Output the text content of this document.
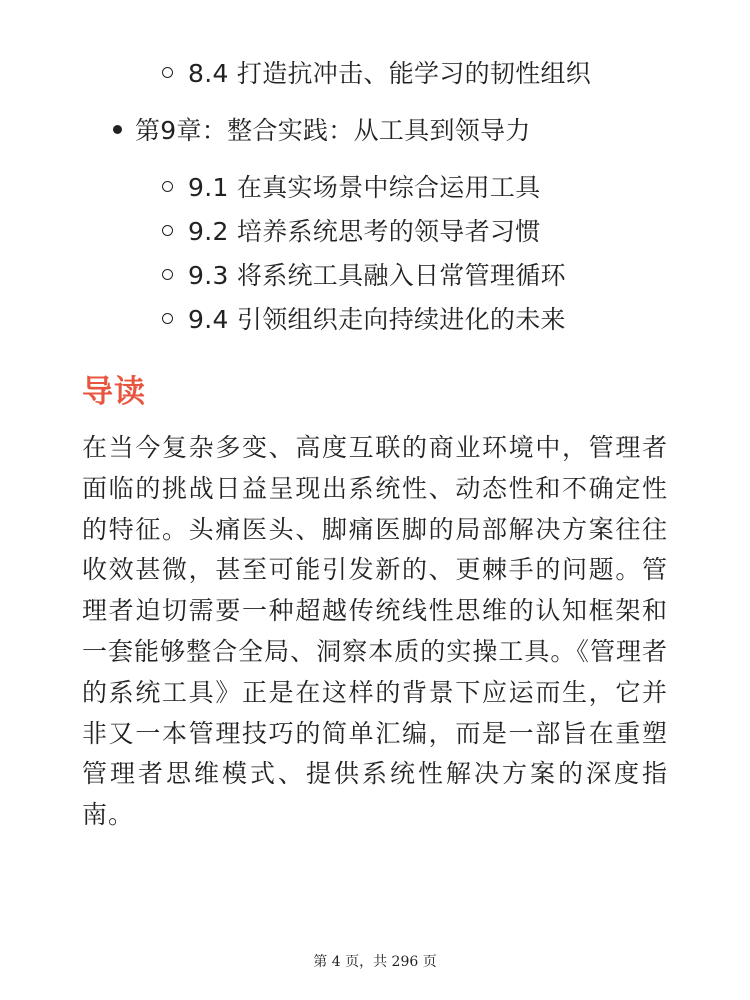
8.4 打造抗冲击、能学习的韧性组织
第9章：整合实践：从工具到领导力
9.1 在真实场景中综合运用工具
9.2 培养系统思考的领导者习惯
9.3 将系统工具融入日常管理循环
9.4 引领组织走向持续进化的未来
导读
在当今复杂多变、高度互联的商业环境中，管理者面临的挑战日益呈现出系统性、动态性和不确定性的特征。头痛医头、脚痛医脚的局部解决方案往往收效甚微，甚至可能引发新的、更棘手的问题。管理者迫切需要一种超越传统线性思维的认知框架和一套能够整合全局、洞察本质的实操工具。《管理者的系统工具》正是在这样的背景下应运而生，它并非又一本管理技巧的简单汇编，而是一部旨在重塑管理者思维模式、提供系统性解决方案的深度指南。
第 4 页，共 296 页
